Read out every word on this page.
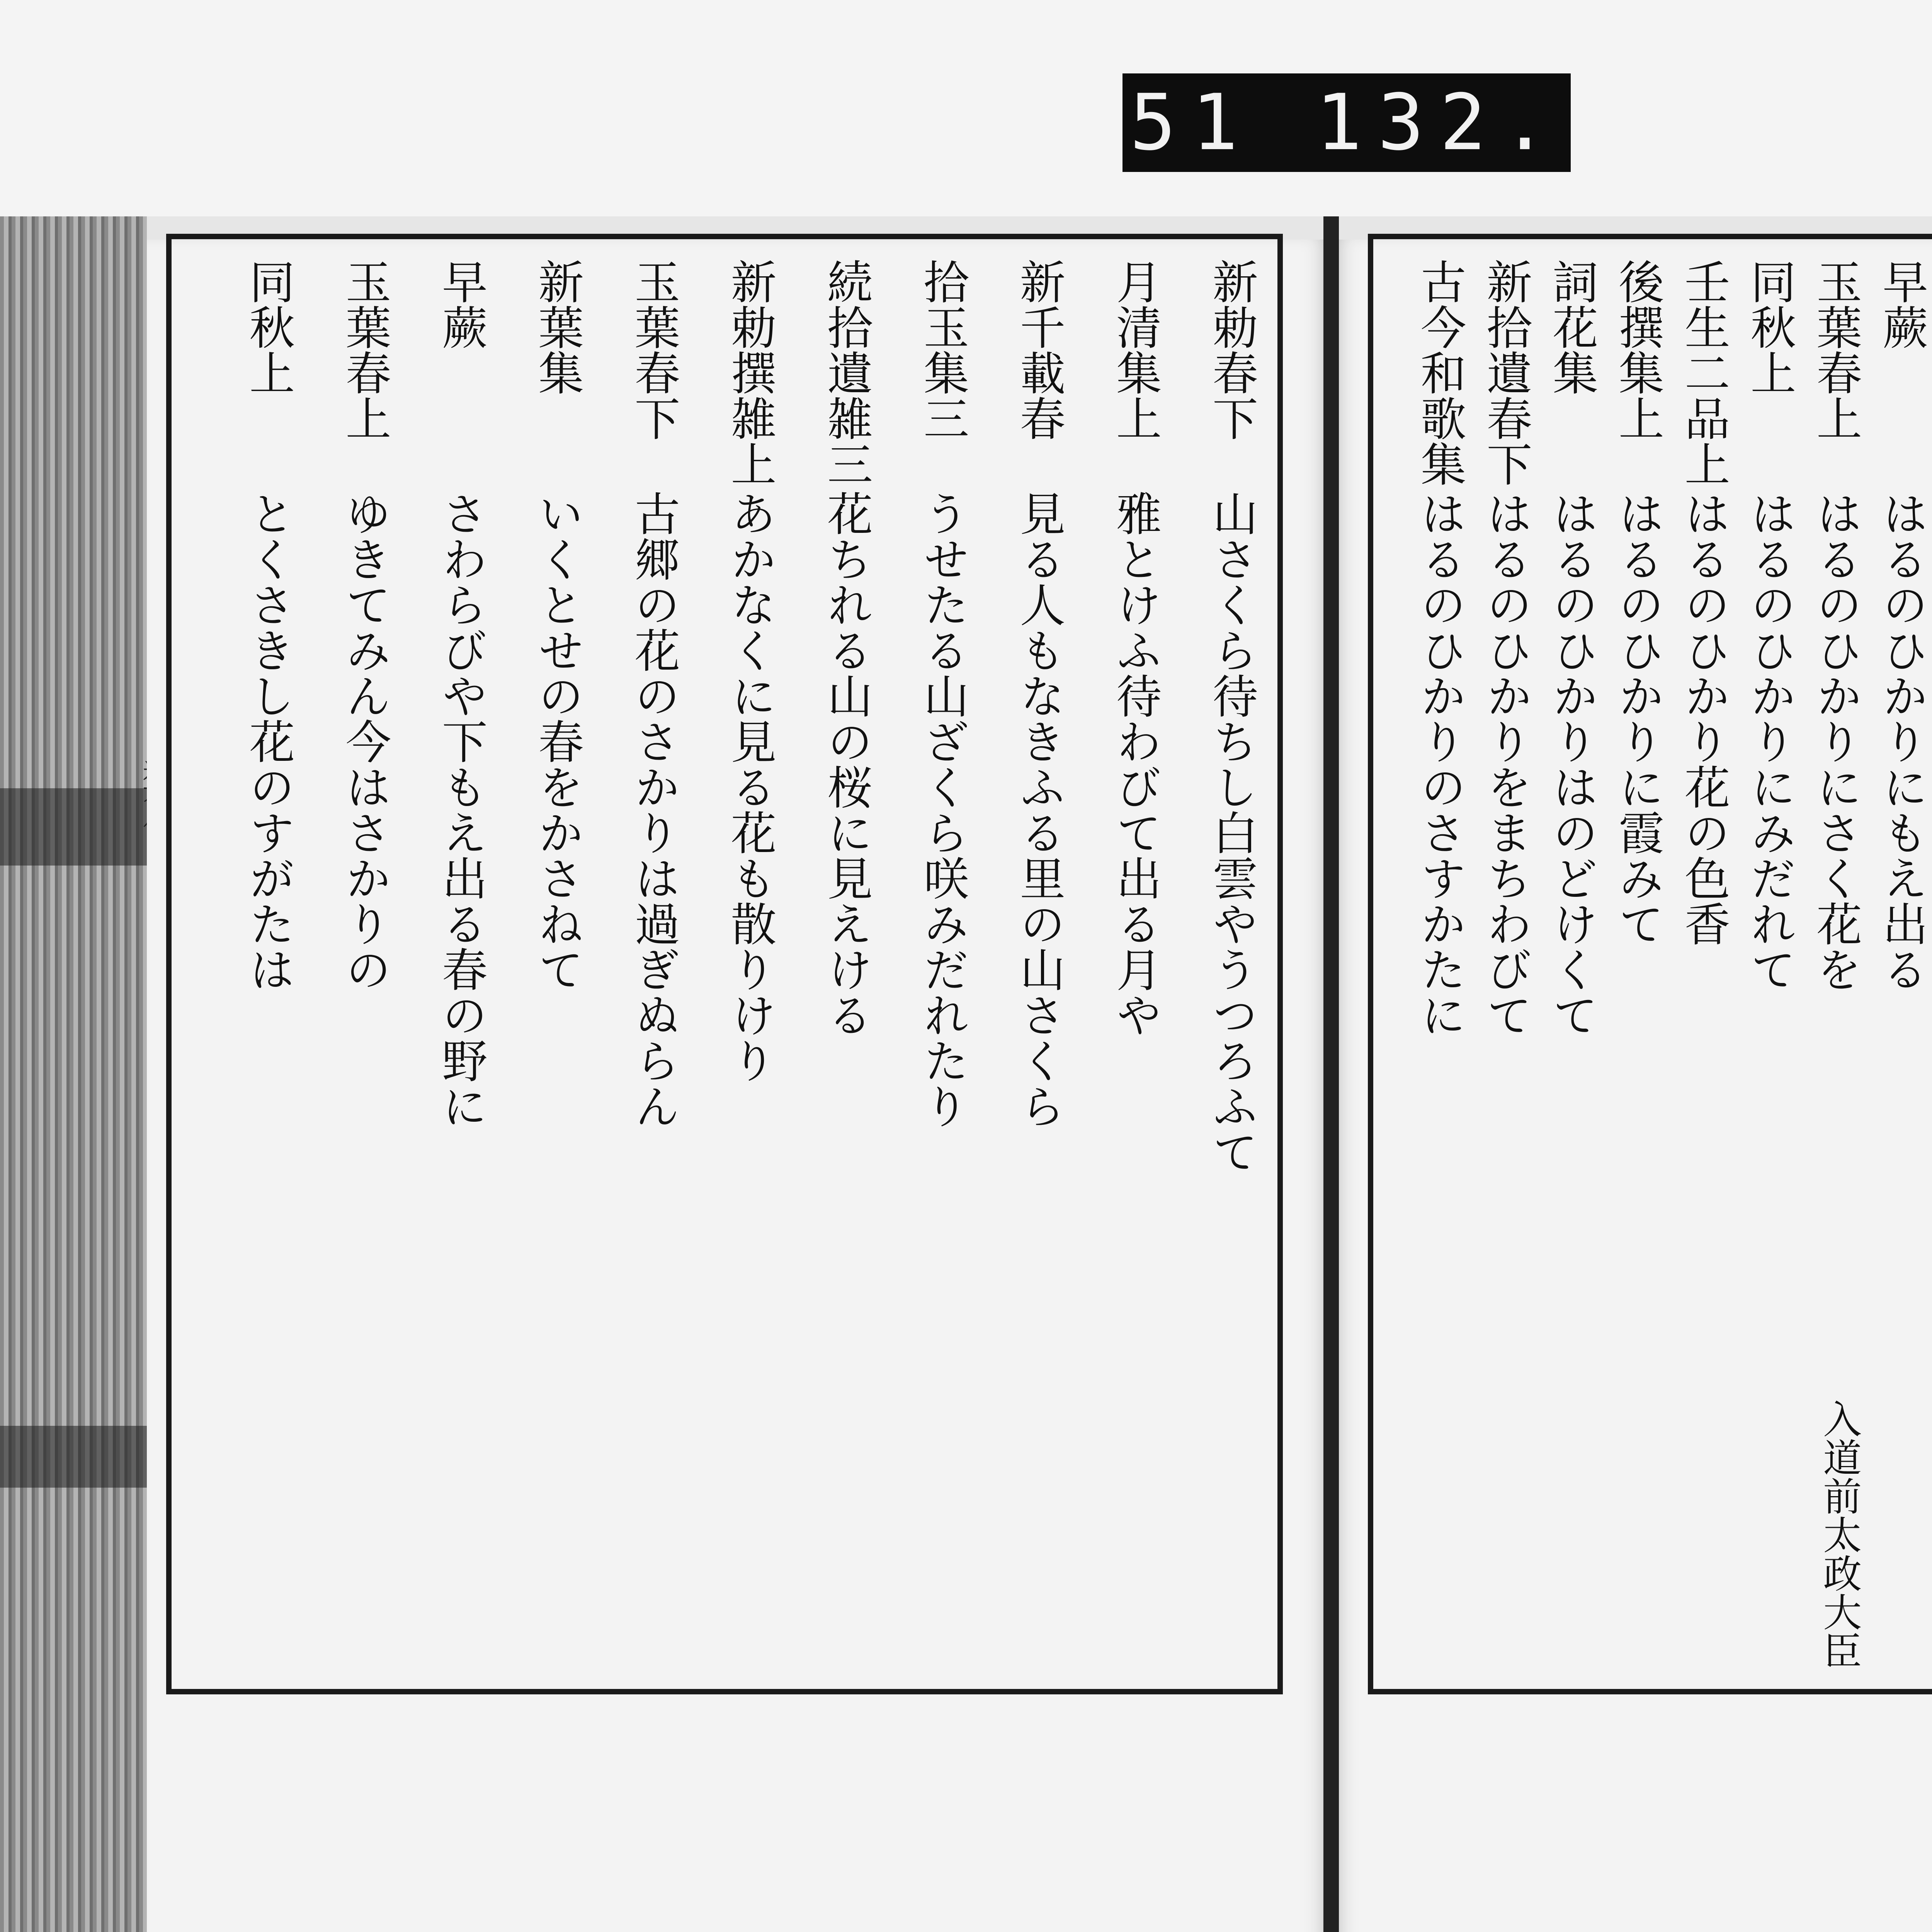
51 132.
新勅春下
山さくら待ちし白雲やうつろふて
月清集上
雅とけふ待わびて出る月や
新千載春
見る人もなきふる里の山さくら
拾玉集三
うせたる山ざくら咲みだれたり
続拾遺雑三
花ちれる山の桜に見えける
新勅撰雑上
あかなくに見る花も散りけり
玉葉春下
古郷の花のさかりは過ぎぬらん
新葉集
いくとせの春をかさねて
早蕨
さわらびや下もえ出る春の野に
玉葉春上
ゆきてみん今はさかりの
同秋上
とくさきし花のすがたは
早蕨
はるのひかりにもえ出る
玉葉春上
はるのひかりにさく花を
入道前太政大臣
同秋上
はるのひかりにみだれて
壬生二品上
はるのひかり花の色香
後撰集上
はるのひかりに霞みて
詞花集
はるのひかりはのどけくて
新拾遺春下
はるのひかりをまちわびて
古今和歌集
はるのひかりのさすかたに
